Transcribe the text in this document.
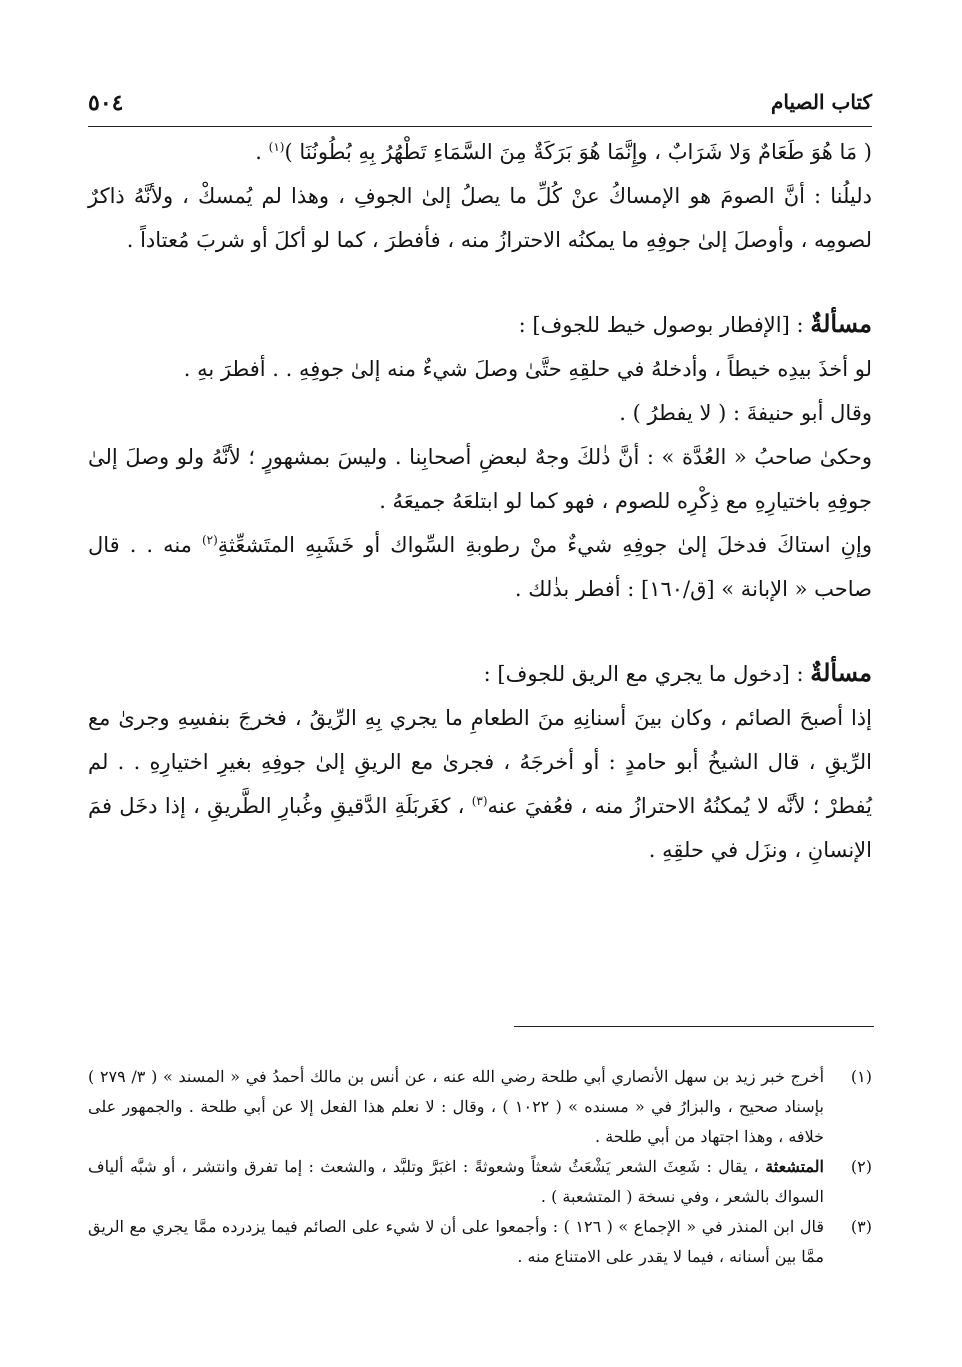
كتاب الصيام
٥٠٤

( مَا هُوَ طَعَامٌ وَلا شَرَابٌ ، وإِنَّمَا هُوَ بَرَكَةٌ مِنَ السَّمَاءِ تَطْهُرُ بِهِ بُطُونُنَا )$^{(١)}$ .

دليلُنا : أنَّ الصومَ هو الإمساكُ عنْ كُلِّ ما يصلُ إلىٰ الجوفِ ، وهذا لم يُمسكْ ، ولأنَّهُ ذاكرٌ لصومِه ، وأوصلَ إلىٰ جوفِهِ ما يمكنُه الاحترازُ منه ، فأفطرَ ، كما لو أكلَ أو شربَ مُعتاداً .

مسألةٌ : [الإفطار بوصول خيط للجوف] :

لو أخذَ بيدِه خيطاً ، وأدخلهُ في حلقِهِ حتَّىٰ وصلَ شيءٌ منه إلىٰ جوفِهِ . . أفطرَ بهِ .

وقال أبو حنيفةَ : ( لا يفطرُ ) .

وحكىٰ صاحبُ « العُدَّة » : أنَّ ذٰلكَ وجهٌ لبعضِ أصحابِنا . وليسَ بمشهورٍ ؛ لأنَّهُ ولو وصلَ إلىٰ جوفِهِ باختيارِهِ مع ذِكْرِه للصوم ، فهو كما لو ابتلعَهُ جميعَهُ .

وإنِ استاكَ فدخلَ إلىٰ جوفِهِ شيءٌ منْ رطوبةِ السِّواك أو خَشَبِهِ المتَشعِّثةِ$^{(٢)}$ منه . . قال صاحب « الإبانة » [ق/١٦٠] : أفطر بذٰلك .

مسألةٌ : [دخول ما يجري مع الريق للجوف] :

إذا أصبحَ الصائم ، وكان بينَ أسنانِهِ منَ الطعامِ ما يجري بِهِ الرِّيقُ ، فخرجَ بنفسِهِ وجرىٰ مع الرِّيقِ ، قال الشيخُ أبو حامدٍ : أو أخرجَهُ ، فجرىٰ مع الريقِ إلىٰ جوفِهِ بغيرِ اختيارِهِ . . لم يُفطرْ ؛ لأنَّه لا يُمكنُهُ الاحترازُ منه ، فعُفيَ عنه$^{(٣)}$ ، كغَربَلَةِ الدَّقيقِ وغُبارِ الطَّريقِ ، إذا دخَل فمَ الإنسانِ ، ونزَل في حلقِهِ .

(١)
أخرج خبر زيد بن سهل الأنصاري أبي طلحة رضي الله عنه ، عن أنس بن مالك أحمدُ في « المسند » ( ٣/ ٢٧٩ ) بإسناد صحيح ، والبزارُ في « مسنده » ( ١٠٢٢ ) ، وقال : لا نعلم هذا الفعل إلا عن أبي طلحة . والجمهور على خلافه ، وهذا اجتهاد من أبي طلحة .
(٢)
المتشعثة ، يقال : شَعِثَ الشعر يَشْعَثُ شعثاً وشعوثةً : اغبَرَّ وتلبَّد ، والشعث : إما تفرق وانتشر ، أو شبَّه ألياف السواك بالشعر ، وفي نسخة ( المتشعبة ) .
(٣)
قال ابن المنذر في « الإجماع » ( ١٢٦ ) : وأجمعوا على أن لا شيء على الصائم فيما يزدرده ممَّا يجري مع الريق ممَّا بين أسنانه ، فيما لا يقدر على الامتناع منه .
